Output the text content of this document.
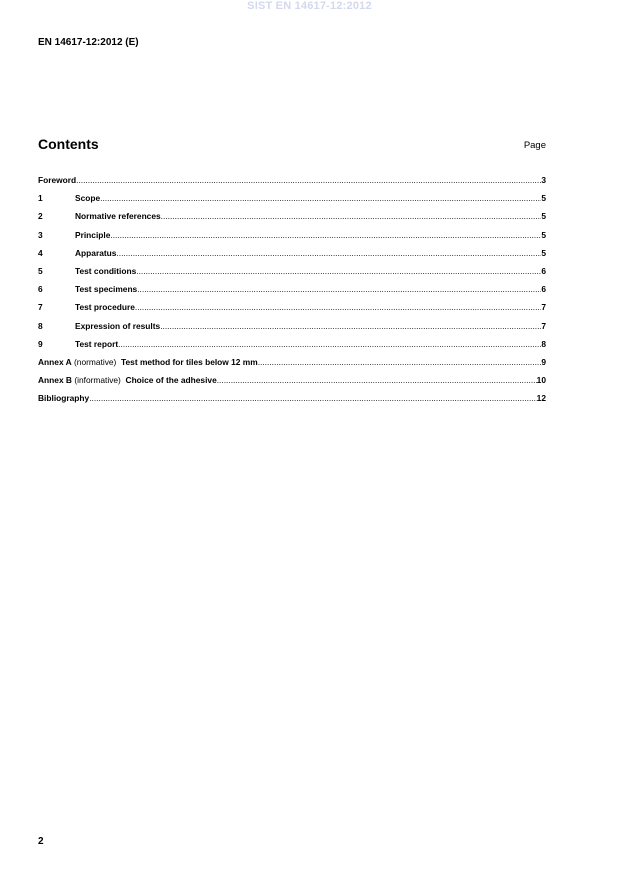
SIST EN 14617-12:2012
EN 14617-12:2012 (E)
Contents	Page
Foreword .....	3
1	Scope .....	5
2	Normative references .....	5
3	Principle .....	5
4	Apparatus .....	5
5	Test conditions .....	6
6	Test specimens .....	6
7	Test procedure .....	7
8	Expression of results .....	7
9	Test report .....	8
Annex A (normative) Test method for tiles below 12 mm .....	9
Annex B (informative) Choice of the adhesive .....	10
Bibliography .....	12
2
